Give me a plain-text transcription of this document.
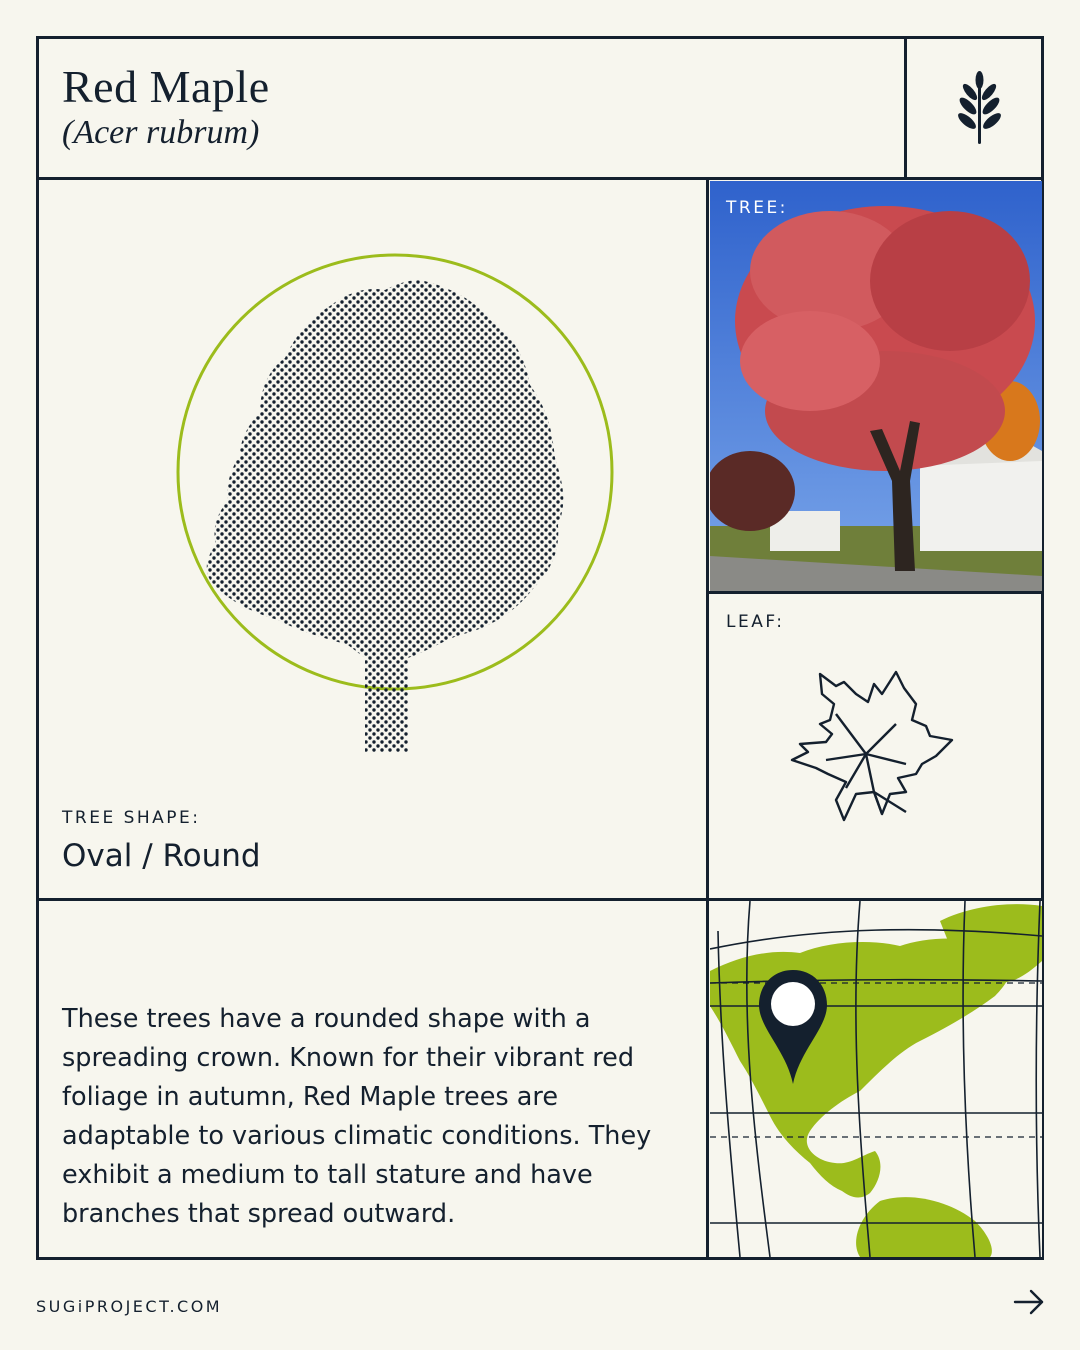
Red Maple
(Acer rubrum)
TREE SHAPE:
Oval / Round
TREE:
LEAF:
These trees have a rounded shape with a spreading crown. Known for their vibrant red foliage in autumn, Red Maple trees are adaptable to various climatic conditions. They exhibit a medium to tall stature and have branches that spread outward.
SUGiPROJECT.COM
